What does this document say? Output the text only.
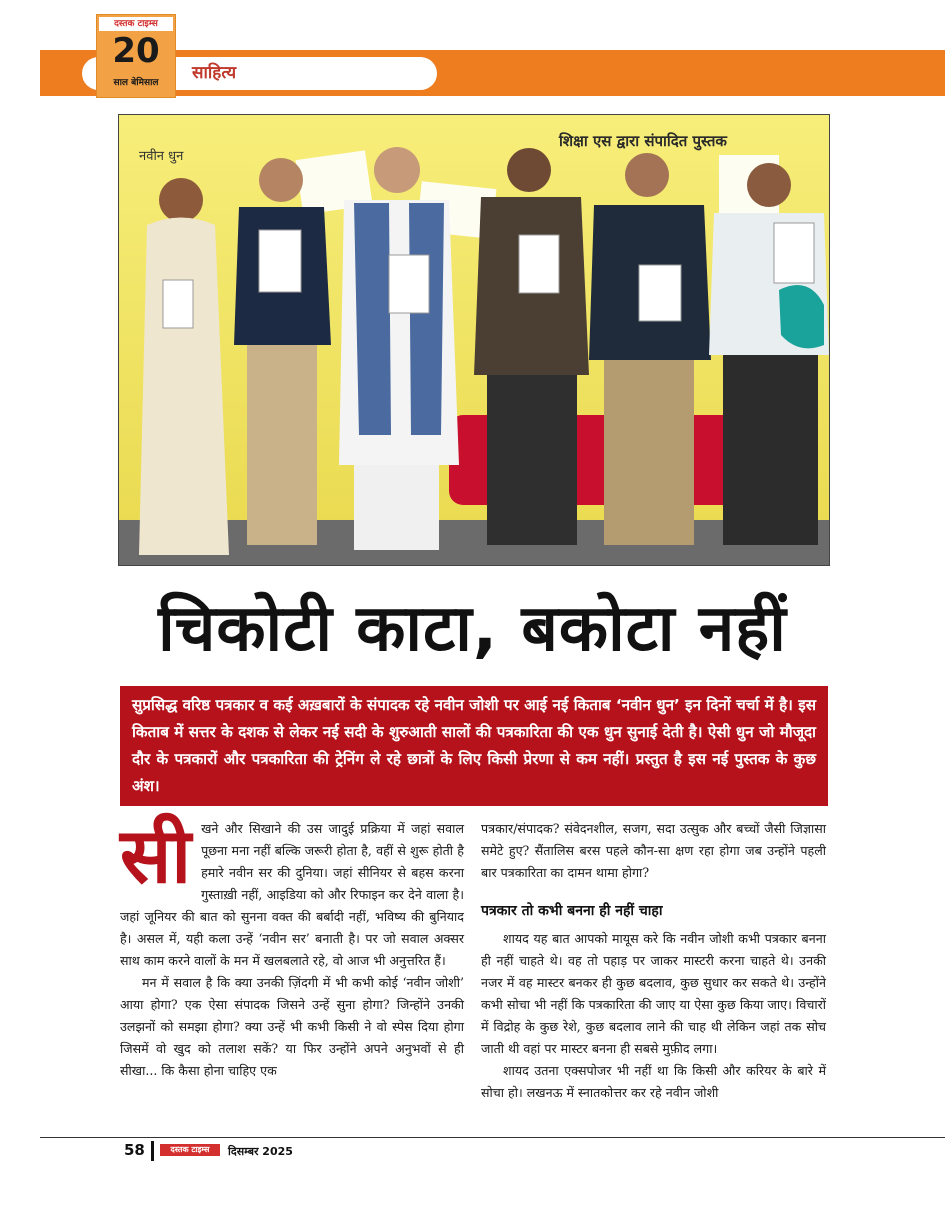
साहित्य
दस्तक टाइम्स
20
साल बेमिसाल
नवीन धुन
शिक्षा एस द्वारा संपादित पुस्तक
चिकोटी काटा, बकोटा नहीं

सुप्रसिद्ध वरिष्ठ पत्रकार व कई अख़बारों के संपादक रहे नवीन जोशी पर आई नई किताब ‘नवीन धुन’ इन दिनों चर्चा में है। इस किताब में सत्तर के दशक से लेकर नई सदी के शुरुआती सालों की पत्रकारिता की एक धुन सुनाई देती है। ऐसी धुन जो मौजूदा दौर के पत्रकारों और पत्रकारिता की ट्रेनिंग ले रहे छात्रों के लिए किसी प्रेरणा से कम नहीं। प्रस्तुत है इस नई पुस्तक के कुछ अंश।

सी खने और सिखाने की उस जादुई प्रक्रिया में जहां सवाल पूछना मना नहीं बल्कि जरूरी होता है, वहीं से शुरू होती है हमारे नवीन सर की दुनिया। जहां सीनियर से बहस करना गुस्ताख़ी नहीं, आइडिया को और रिफाइन कर देने वाला है। जहां जूनियर की बात को सुनना वक्त की बर्बादी नहीं, भविष्य की बुनियाद है। असल में, यही कला उन्हें ‘नवीन सर’ बनाती है। पर जो सवाल अक्सर साथ काम करने वालों के मन में खलबलाते रहे, वो आज भी अनुत्तरित हैं।

मन में सवाल है कि क्या उनकी ज़िंदगी में भी कभी कोई ‘नवीन जोशी’ आया होगा? एक ऐसा संपादक जिसने उन्हें सुना होगा? जिन्होंने उनकी उलझनों को समझा होगा? क्या उन्हें भी कभी किसी ने वो स्पेस दिया होगा जिसमें वो खुद को तलाश सकें? या फिर उन्होंने अपने अनुभवों से ही सीखा... कि कैसा होना चाहिए एक

पत्रकार/संपादक? संवेदनशील, सजग, सदा उत्सुक और बच्चों जैसी जिज्ञासा समेटे हुए? सैंतालिस बरस पहले कौन-सा क्षण रहा होगा जब उन्होंने पहली बार पत्रकारिता का दामन थामा होगा?

पत्रकार तो कभी बनना ही नहीं चाहा

शायद यह बात आपको मायूस करे कि नवीन जोशी कभी पत्रकार बनना ही नहीं चाहते थे। वह तो पहाड़ पर जाकर मास्टरी करना चाहते थे। उनकी नजर में वह मास्टर बनकर ही कुछ बदलाव, कुछ सुधार कर सकते थे। उन्होंने कभी सोचा भी नहीं कि पत्रकारिता की जाए या ऐसा कुछ किया जाए। विचारों में विद्रोह के कुछ रेशे, कुछ बदलाव लाने की चाह थी लेकिन जहां तक सोच जाती थी वहां पर मास्टर बनना ही सबसे मुफ़ीद लगा।

शायद उतना एक्सपोजर भी नहीं था कि किसी और करियर के बारे में सोचा हो। लखनऊ में स्नातकोत्तर कर रहे नवीन जोशी

58	दस्तक टाइम्स	दिसम्बर 2025
